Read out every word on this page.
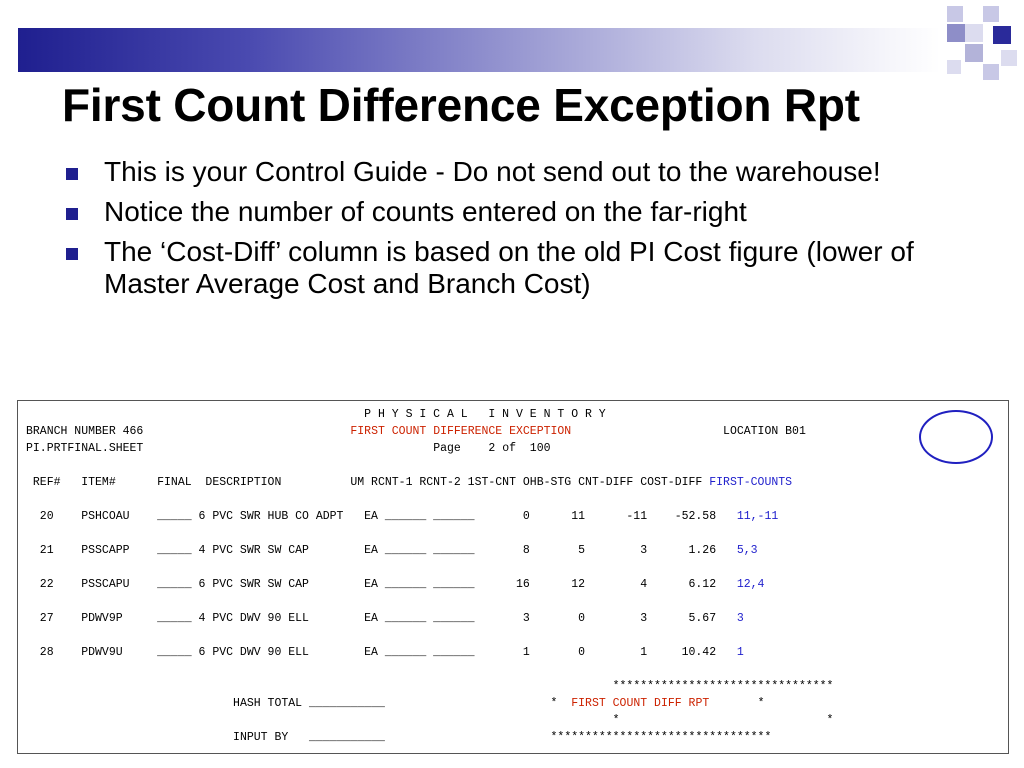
First Count Difference Exception Rpt
This is your Control Guide - Do not send out to the warehouse!
Notice the number of counts entered on the far-right
The ‘Cost-Diff’ column is based on the old PI Cost figure (lower of Master Average Cost and Branch Cost)
P H Y S I C A L   I N V E N T O R Y
BRANCH NUMBER 466	FIRST COUNT DIFFERENCE EXCEPTION	LOCATION B01
PI.PRTFINAL.SHEET	Page    2 of  100

REF#   ITEM#      FINAL  DESCRIPTION          UM RCNT-1 RCNT-2 1ST-CNT OHB-STG CNT-DIFF COST-DIFF FIRST-COUNTS

20    PSHCOAU    _____ 6 PVC SWR HUB CO ADPT   EA ______ ______       0      11      -11    -52.58 11,-11

21    PSSCAPP    _____ 4 PVC SWR SW CAP        EA ______ ______       8       5        3      1.26 5,3

22    PSSCAPU    _____ 6 PVC SWR SW CAP        EA ______ ______      16      12        4      6.12 12,4

27    PDWV9P     _____ 4 PVC DWV 90 ELL        EA ______ ______       3       0        3      5.67 3

28    PDWV9U     _____ 6 PVC DWV 90 ELL        EA ______ ______       1       0        1     10.42 1

********************************
HASH TOTAL ___________	*  FIRST COUNT DIFF RPT       *
*                              *
INPUT BY   ___________	********************************
